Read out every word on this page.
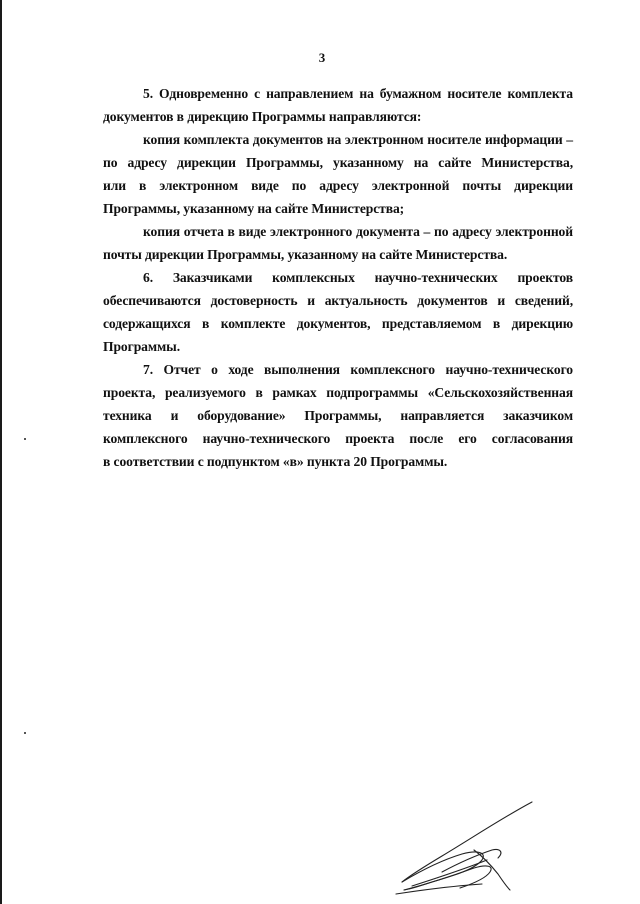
3

5. Одновременно с направлением на бумажном носителе комплекта
документов в дирекцию Программы направляются:

копия комплекта документов на электронном носителе информации –
по адресу дирекции Программы, указанному на сайте Министерства,
или в электронном виде по адресу электронной почты дирекции
Программы, указанному на сайте Министерства;

копия отчета в виде электронного документа – по адресу электронной
почты дирекции Программы, указанному на сайте Министерства.

6. Заказчиками комплексных научно-технических проектов
обеспечиваются достоверность и актуальность документов и сведений,
содержащихся в комплекте документов, представляемом в дирекцию
Программы.

7. Отчет о ходе выполнения комплексного научно-технического
проекта, реализуемого в рамках подпрограммы «Сельскохозяйственная
техника и оборудование» Программы, направляется заказчиком
комплексного научно-технического проекта после его согласования
в соответствии с подпунктом «в» пункта 20 Программы.
